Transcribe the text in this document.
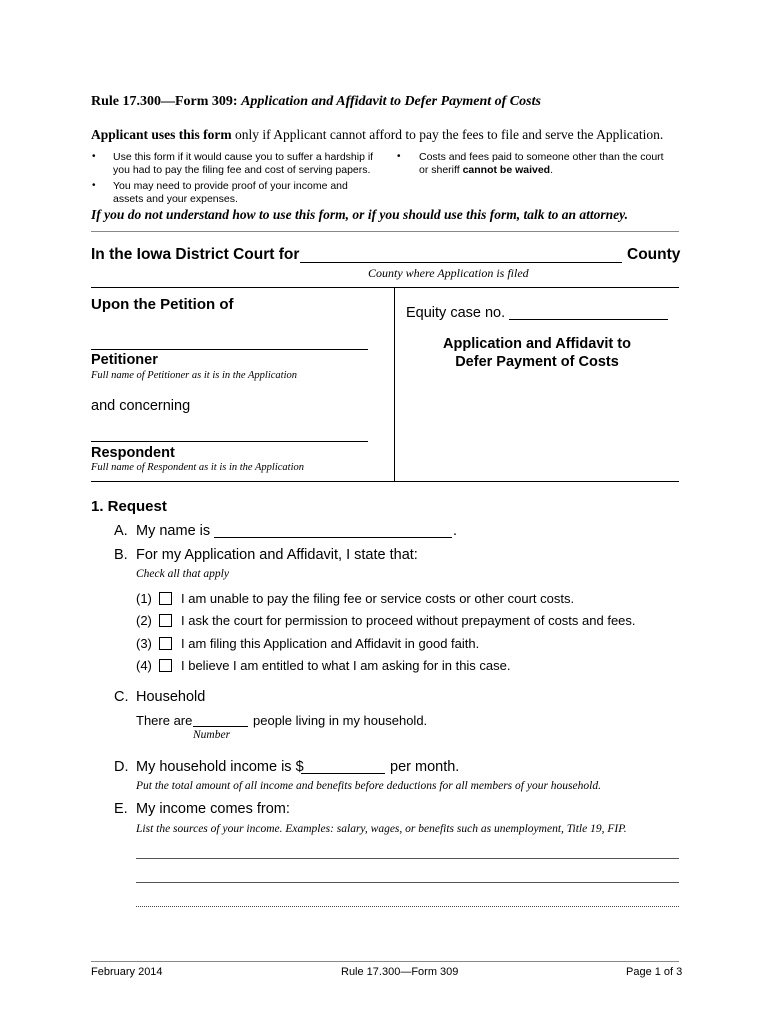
Rule 17.300—Form 309: Application and Affidavit to Defer Payment of Costs
Applicant uses this form only if Applicant cannot afford to pay the fees to file and serve the Application.
• Use this form if it would cause you to suffer a hardship if you had to pay the filing fee and cost of serving papers.
• You may need to provide proof of your income and assets and your expenses.
• Costs and fees paid to someone other than the court or sheriff cannot be waived.
If you do not understand how to use this form, or if you should use this form, talk to an attorney.
In the Iowa District Court for	County
County where Application is filed
Upon the Petition of	Equity case no.
Application and Affidavit to
Defer Payment of Costs
Petitioner
Full name of Petitioner as it is in the Application
and concerning
Respondent
Full name of Respondent as it is in the Application
1. Request
A. My name is	.
B. For my Application and Affidavit, I state that:
Check all that apply
(1) I am unable to pay the filing fee or service costs or other court costs.
(2) I ask the court for permission to proceed without prepayment of costs and fees.
(3) I am filing this Application and Affidavit in good faith.
(4) I believe I am entitled to what I am asking for in this case.
C. Household
There are	people living in my household.
Number
D. My household income is $	per month.
Put the total amount of all income and benefits before deductions for all members of your household.
E. My income comes from:
List the sources of your income. Examples: salary, wages, or benefits such as unemployment, Title 19, FIP.
February 2014	Rule 17.300—Form 309	Page 1 of 3
